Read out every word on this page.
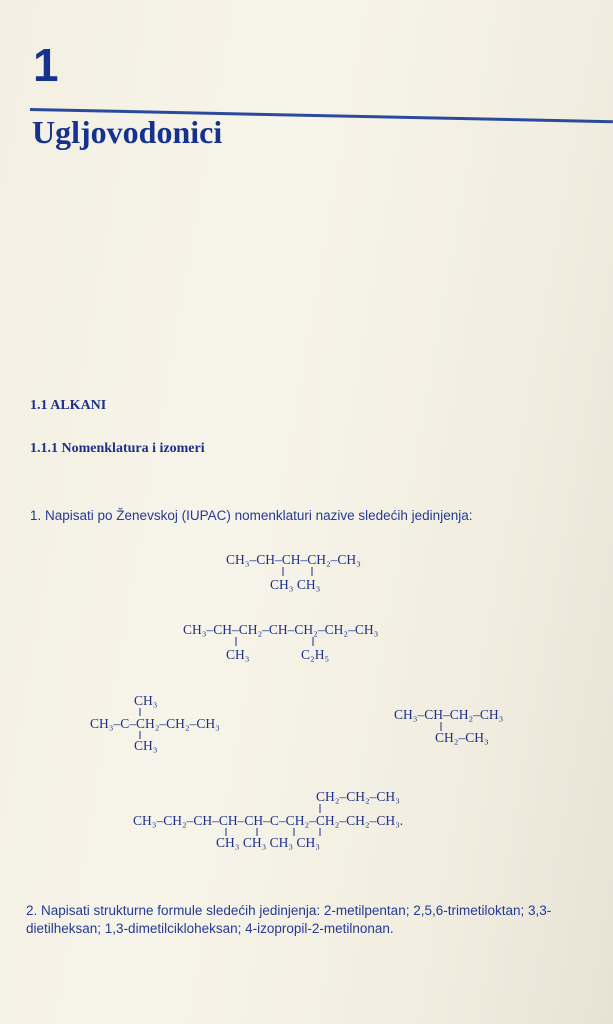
1
Ugljovodonici
1.1 ALKANI
1.1.1 Nomenklatura i izomeri
1. Napisati po Ženevskoj (IUPAC) nomenklaturi nazive sledećih jedinjenja:
CH₃–CH–CH–CH₂–CH₃
CH₃ CH₃
CH₃–CH–CH₂–CH–CH₂–CH₂–CH₃
CH₃	C₂H₅
CH₃
CH₃–C–CH₂–CH₂–CH₃
CH₃
CH₃–CH–CH₂–CH₃
CH₂–CH₃
CH₂–CH₂–CH₃
CH₃–CH₂–CH–CH–CH–C–CH₂–CH₂–CH₂–CH₃.
CH₃ CH₃ CH₃ CH₃
2. Napisati strukturne formule sledećih jedinjenja: 2-metilpentan; 2,5,6-trimetiloktan; 3,3-dietilheksan; 1,3-dimetilcikloheksan; 4-izopropil-2-metilnonan.
